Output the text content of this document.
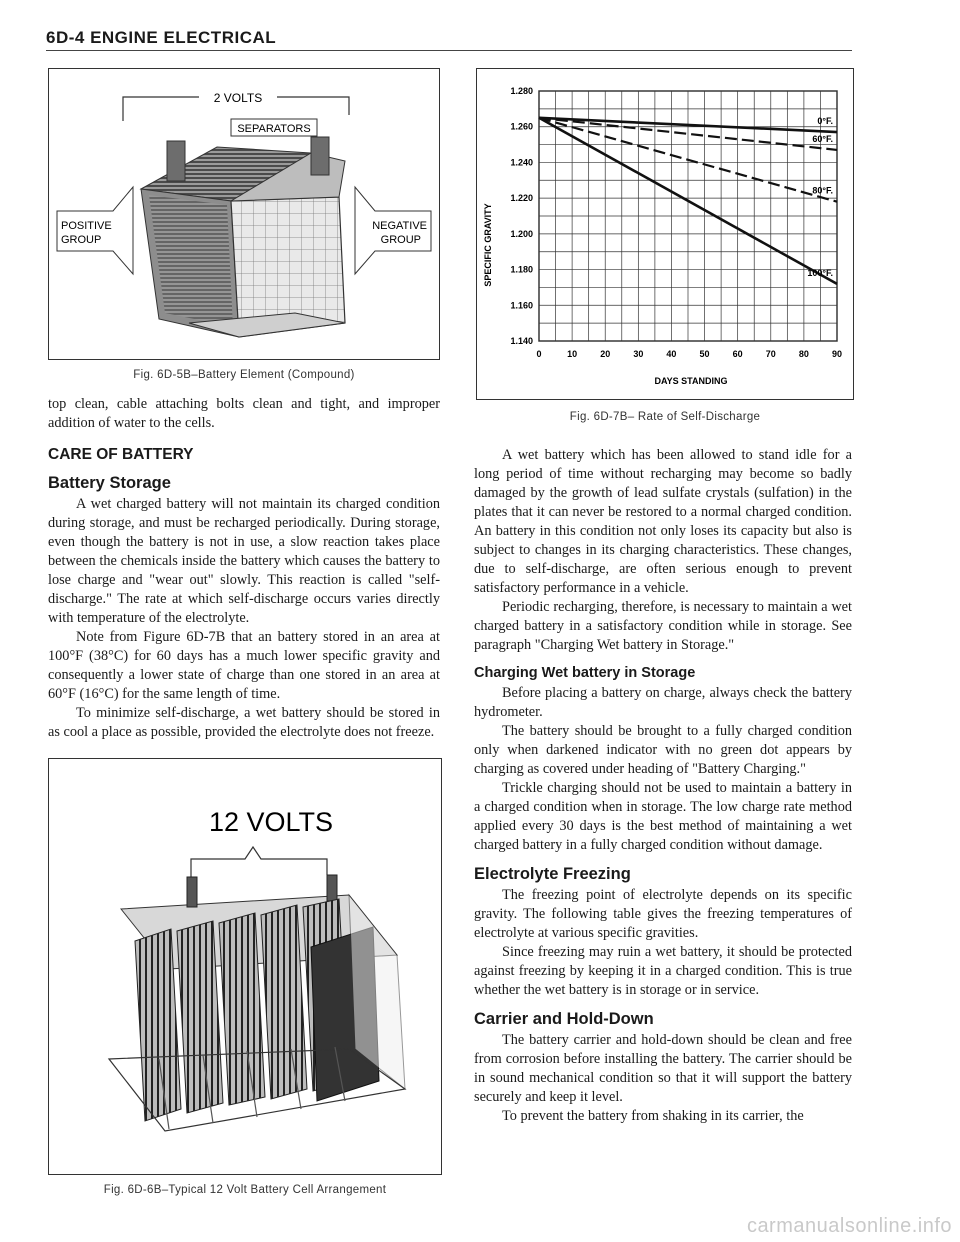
6D-4 ENGINE ELECTRICAL
2 VOLTS
SEPARATORS
POSITIVE
GROUP
NEGATIVE
GROUP
Fig. 6D-5B–Battery Element (Compound)
0	10	20	30	40	50	60	70	80	90
1.280
1.260
1.240
1.220
1.200
1.180
1.160
1.140
0°F.
60°F.
80°F.
100°F.
SPECIFIC GRAVITY
DAYS STANDING
Fig. 6D-7B– Rate of Self-Discharge

top clean, cable attaching bolts clean and tight, and improper addition of water to the cells.

CARE OF BATTERY
Battery Storage

A wet charged battery will not maintain its charged condition during storage, and must be recharged periodically. During storage, even though the battery is not in use, a slow reaction takes place between the chemicals inside the battery which causes the battery to lose charge and "wear out" slowly. This reaction is called "self-discharge." The rate at which self-discharge occurs varies directly with temperature of the electrolyte.

Note from Figure 6D-7B that an battery stored in an area at 100°F (38°C) for 60 days has a much lower specific gravity and consequently a lower state of charge than one stored in an area at 60°F (16°C) for the same length of time.

To minimize self-discharge, a wet battery should be stored in as cool a place as possible, provided the electrolyte does not freeze.

12 VOLTS
Fig. 6D-6B–Typical 12 Volt Battery Cell Arrangement

A wet battery which has been allowed to stand idle for a long period of time without recharging may become so badly damaged by the growth of lead sulfate crystals (sulfation) in the plates that it can never be restored to a normal charged condition. An battery in this condition not only loses its capacity but also is subject to changes in its charging characteristics. These changes, due to self-discharge, are often serious enough to prevent satisfactory performance in a vehicle.

Periodic recharging, therefore, is necessary to maintain a wet charged battery in a satisfactory condition while in storage. See paragraph "Charging Wet battery in Storage."

Charging Wet battery in Storage

Before placing a battery on charge, always check the battery hydrometer.

The battery should be brought to a fully charged condition only when darkened indicator with no green dot appears by charging as covered under heading of "Battery Charging."

Trickle charging should not be used to maintain a battery in a charged condition when in storage. The low charge rate method applied every 30 days is the best method of maintaining a wet charged battery in a fully charged condition without damage.

Electrolyte Freezing

The freezing point of electrolyte depends on its specific gravity. The following table gives the freezing temperatures of electrolyte at various specific gravities.

Since freezing may ruin a wet battery, it should be protected against freezing by keeping it in a charged condition. This is true whether the wet battery is in storage or in service.

Carrier and Hold-Down

The battery carrier and hold-down should be clean and free from corrosion before installing the battery. The carrier should be in sound mechanical condition so that it will support the battery securely and keep it level.

To prevent the battery from shaking in its carrier, the

carmanualsonline.info
